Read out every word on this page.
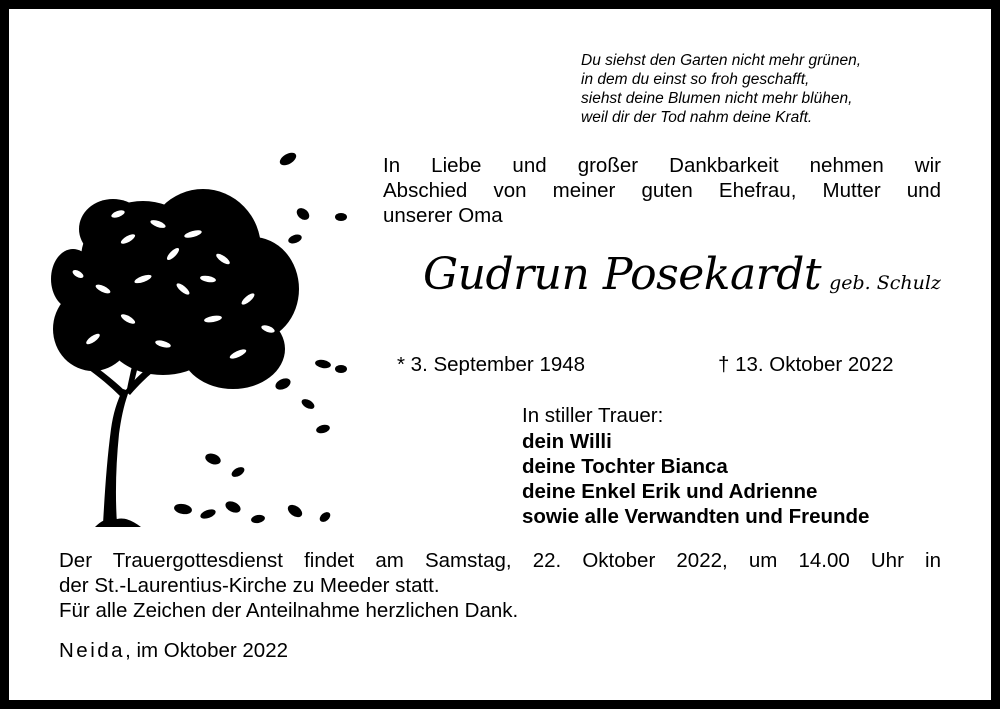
Du siehst den Garten nicht mehr grünen,
in dem du einst so froh geschafft,
siehst deine Blumen nicht mehr blühen,
weil dir der Tod nahm deine Kraft.
In Liebe und großer Dankbarkeit nehmen wir
Abschied von meiner guten Ehefrau, Mutter und
unserer Oma
Gudrun Posekardt geb. Schulz
* 3. September 1948	† 13. Oktober 2022
In stiller Trauer:
dein Willi
deine Tochter Bianca
deine Enkel Erik und Adrienne
sowie alle Verwandten und Freunde
Der Trauergottesdienst findet am Samstag, 22. Oktober 2022, um 14.00 Uhr in
der St.-Laurentius-Kirche zu Meeder statt.
Für alle Zeichen der Anteilnahme herzlichen Dank.
Neida, im Oktober 2022
